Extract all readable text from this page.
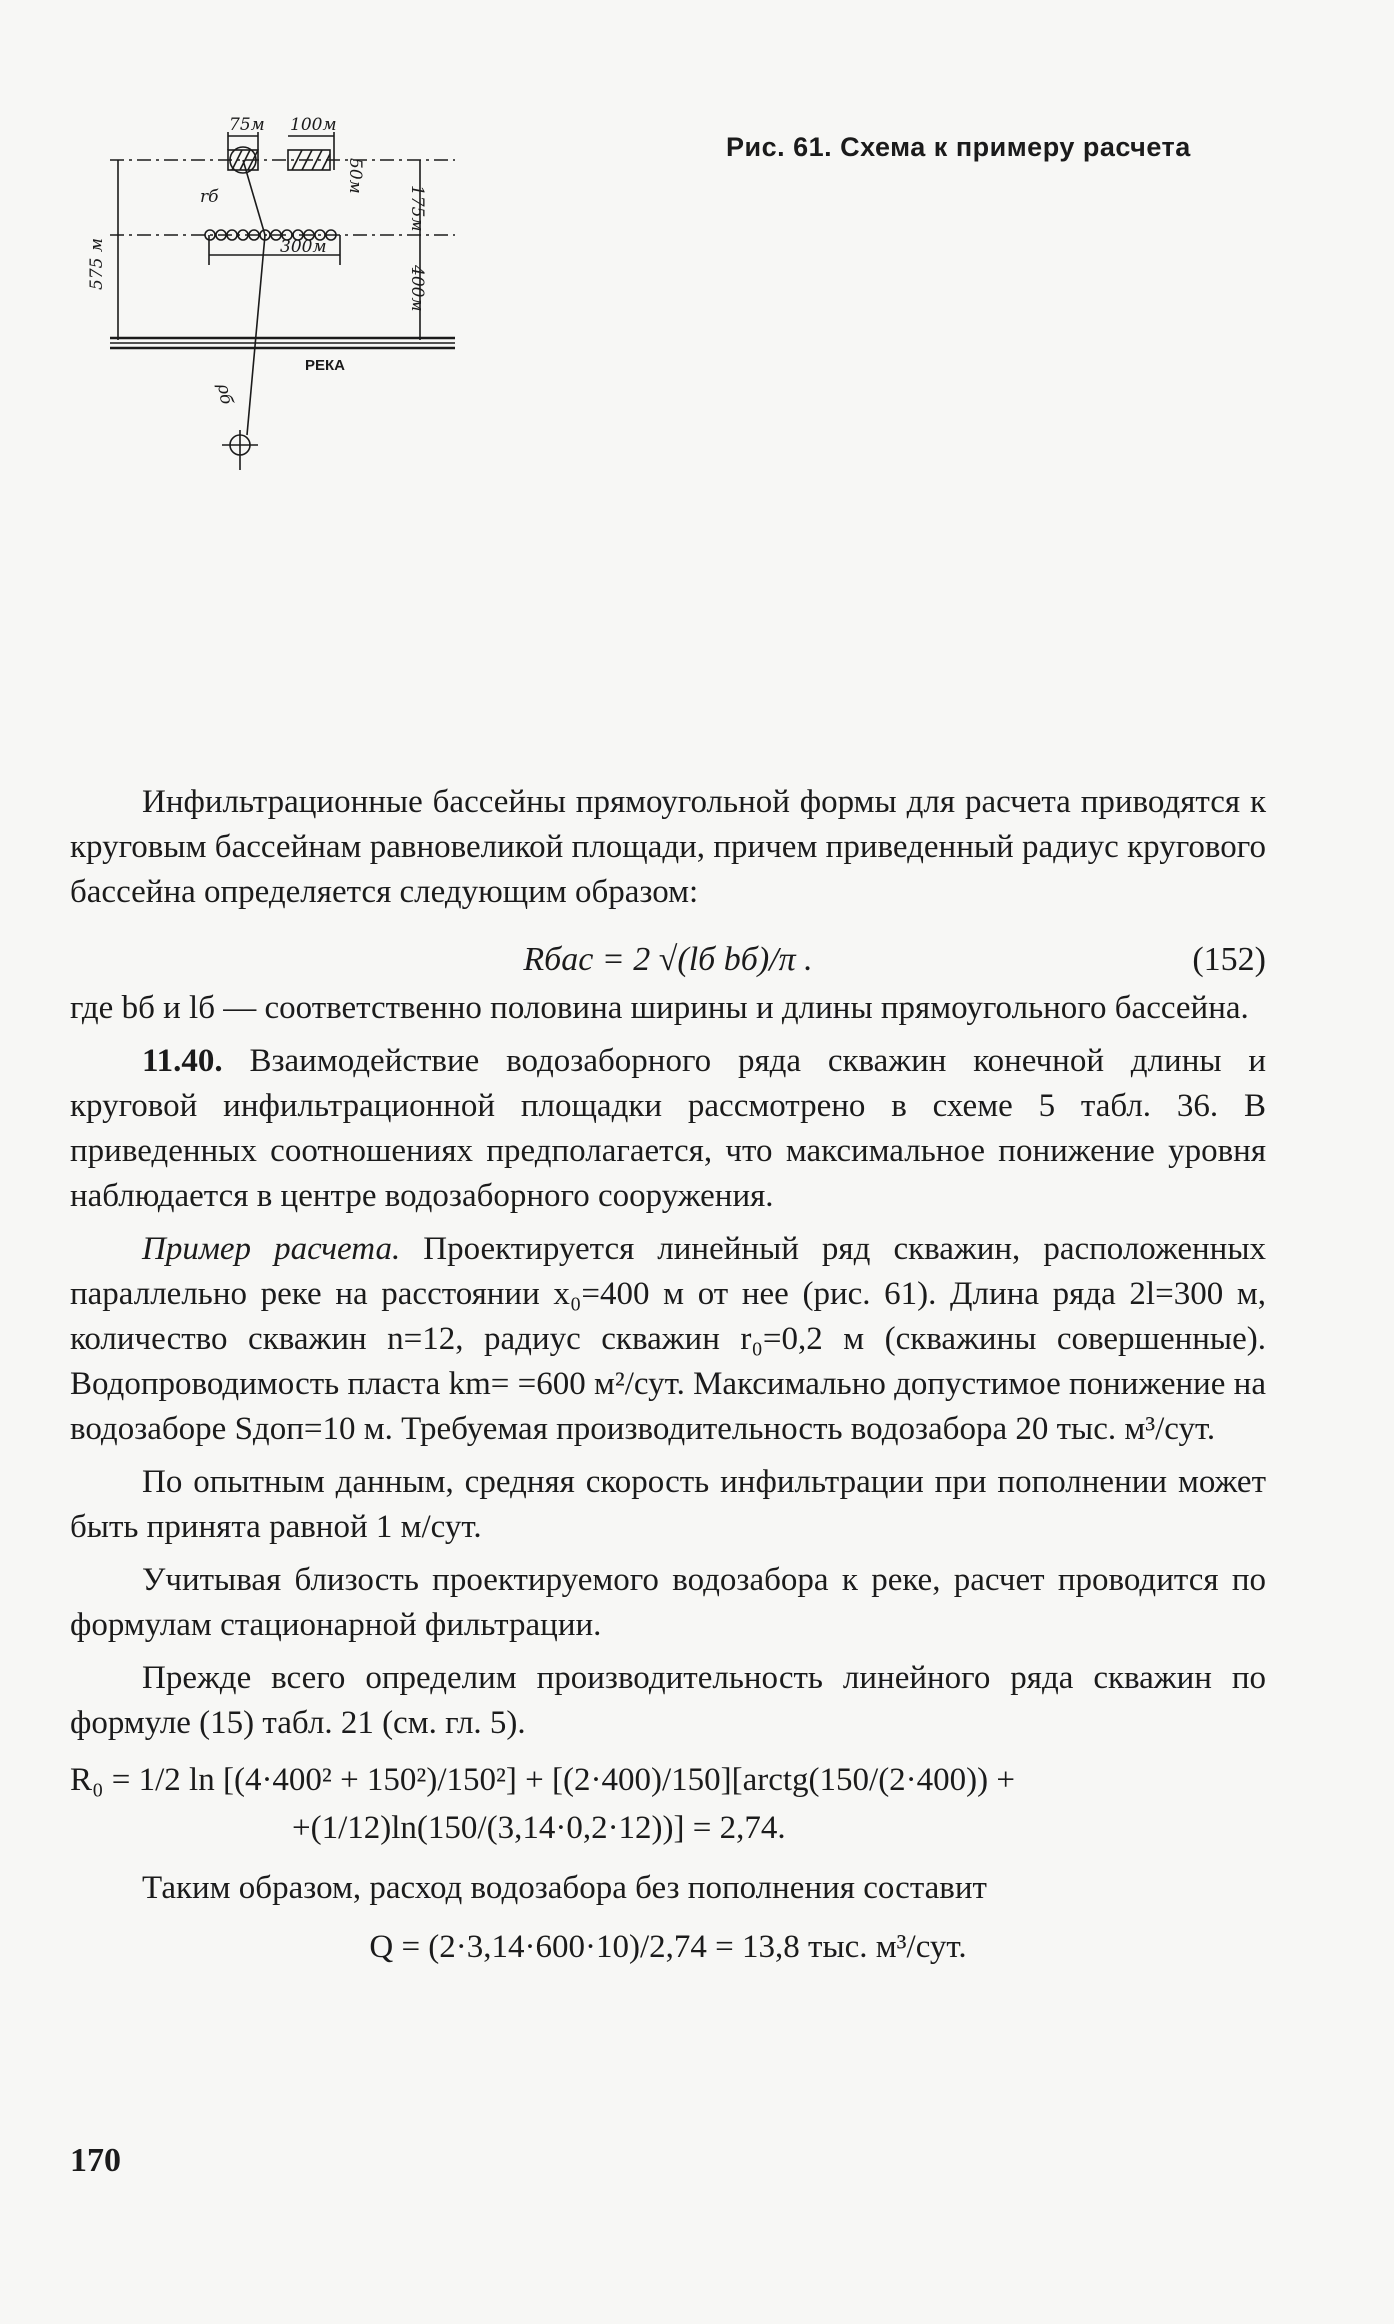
Рис. 61. Схема к примеру расчета
75м 100м
50м
175м
300м
400м
575 м
rб
ρб
РЕКА

Инфильтрационные бассейны прямоугольной формы для расчета приводятся к круговым бассейнам равновеликой площади, причем приведенный радиус кругового бассейна определяется следующим образом:

Rбас = 2 √(lб bб)/π .	(152)

где bб и lб — соответственно половина ширины и длины прямоугольного бассейна.

11.40. Взаимодействие водозаборного ряда скважин конечной длины и круговой инфильтрационной площадки рассмотрено в схеме 5 табл. 36. В приведенных соотношениях предполагается, что максимальное понижение уровня наблюдается в центре водозаборного сооружения.

Пример расчета. Проектируется линейный ряд скважин, расположенных параллельно реке на расстоянии x₀=400 м от нее (рис. 61). Длина ряда 2l=300 м, количество скважин n=12, радиус скважин r₀=0,2 м (скважины совершенные). Водопроводимость пласта km= =600 м²/сут. Максимально допустимое понижение на водозаборе Sдоп=10 м. Требуемая производительность водозабора 20 тыс. м³/сут.

По опытным данным, средняя скорость инфильтрации при пополнении может быть принята равной 1 м/сут.

Учитывая близость проектируемого водозабора к реке, расчет проводится по формулам стационарной фильтрации.

Прежде всего определим производительность линейного ряда скважин по формуле (15) табл. 21 (см. гл. 5).

R₀ = 1/2 ln [(4·400² + 150²)/150²] + [(2·400)/150][arctg(150/(2·400)) +
+(1/12)ln(150/(3,14·0,2·12))] = 2,74.

Таким образом, расход водозабора без пополнения составит

Q = (2·3,14·600·10)/2,74 = 13,8 тыс. м³/сут.
170
